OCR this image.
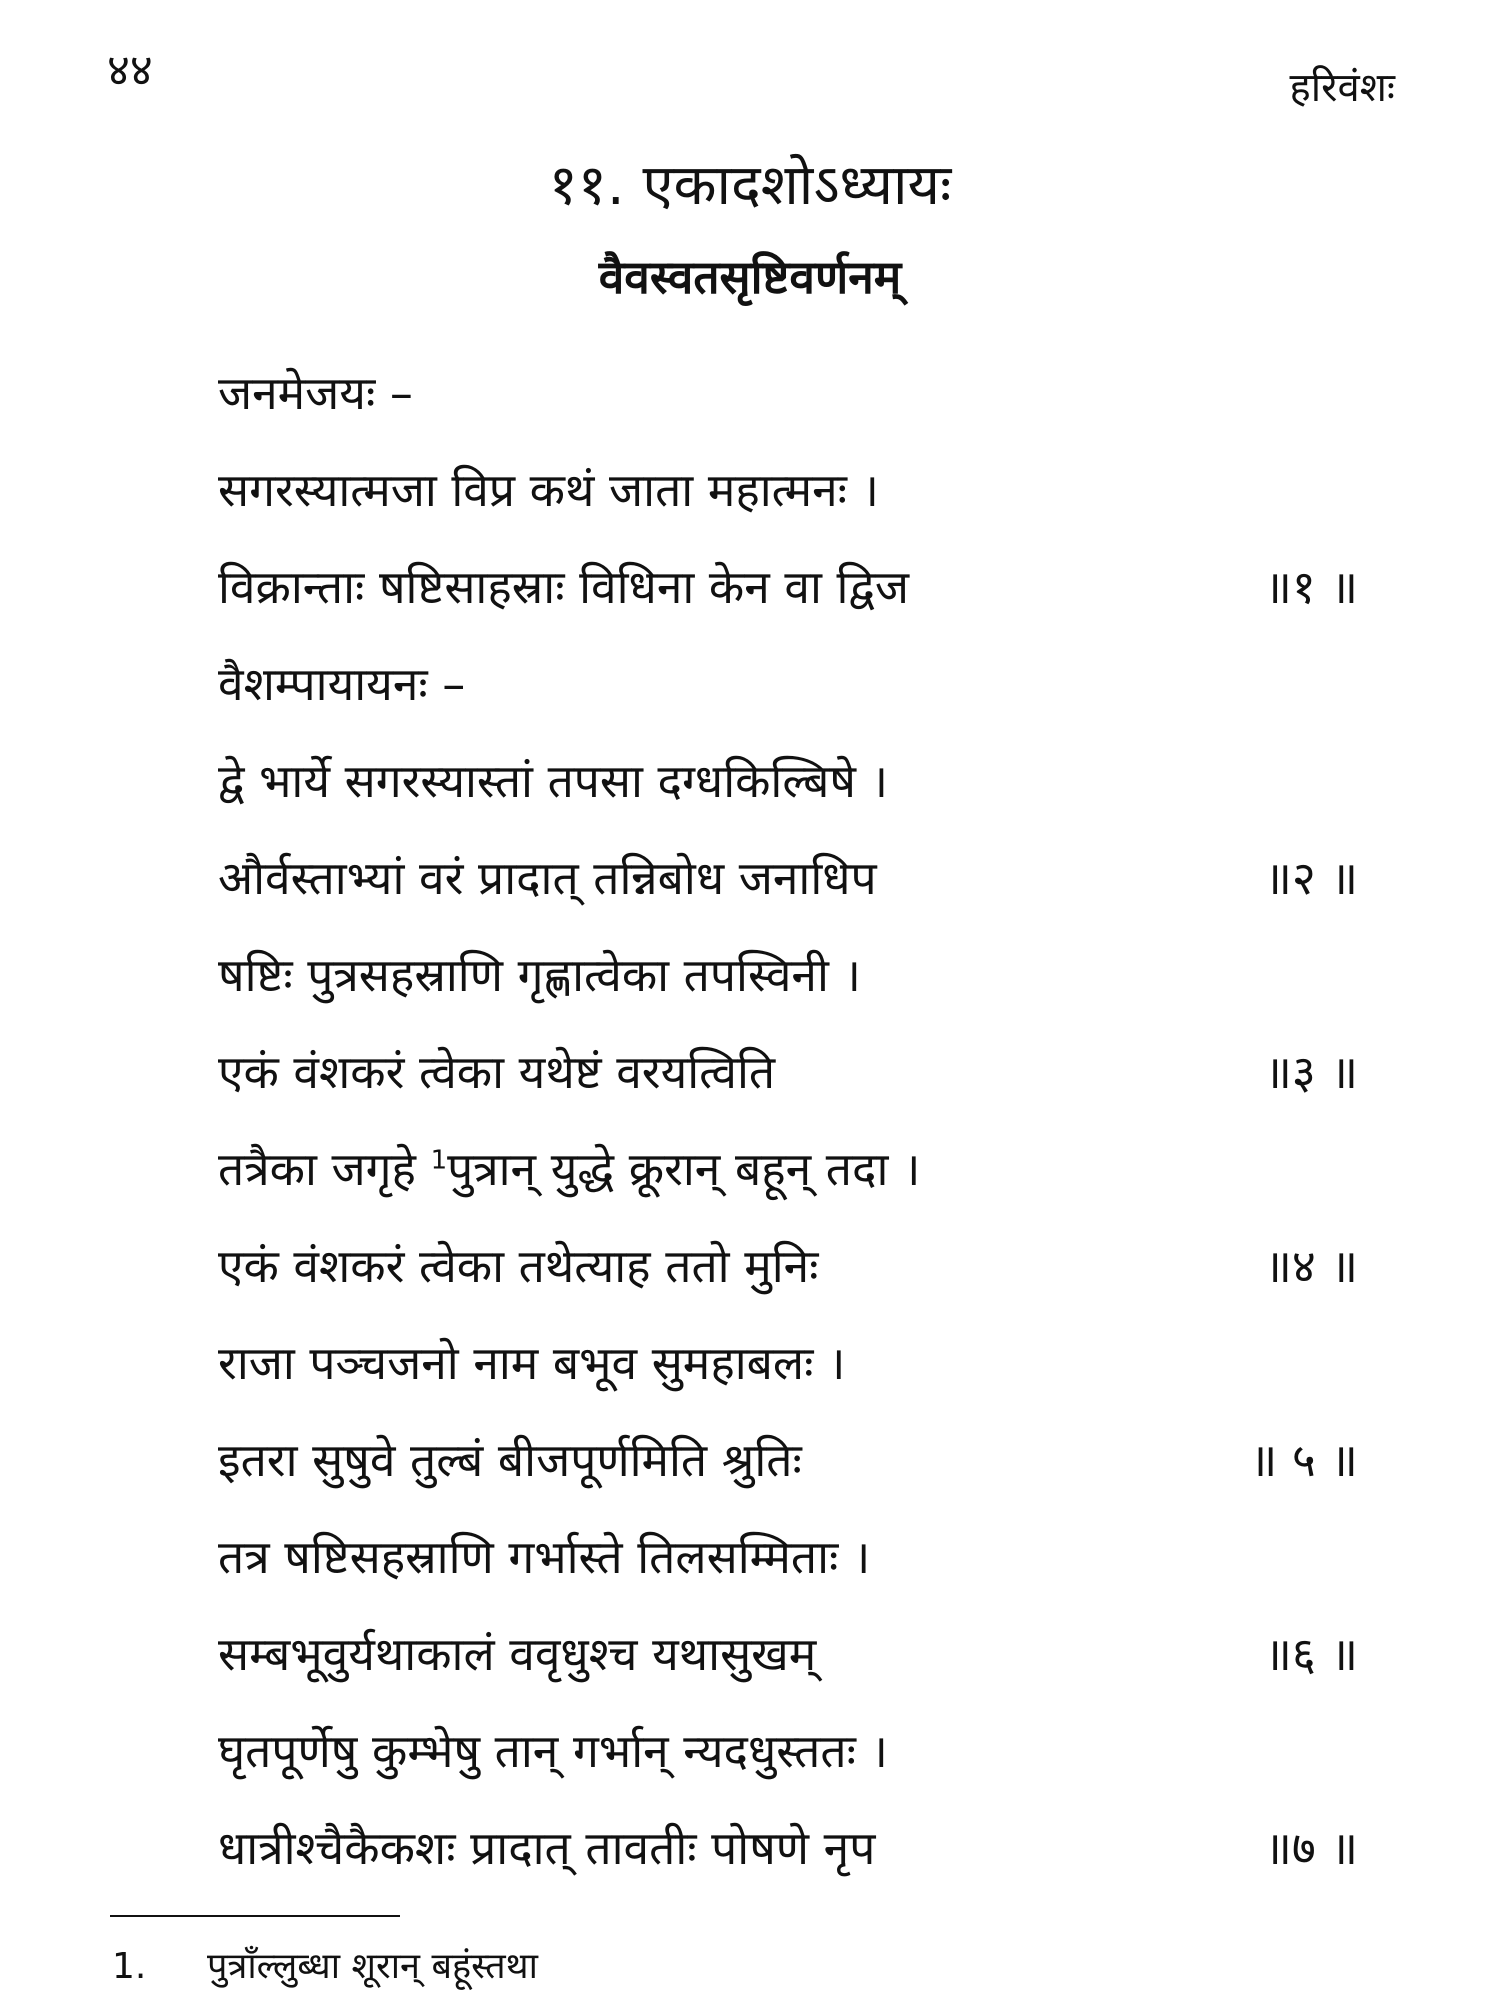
४४	हरिवंशः
११. एकादशोऽध्यायः
वैवस्वतसृष्टिवर्णनम्
जनमेजयः –
सगरस्यात्मजा विप्र कथं जाता महात्मनः ।
विक्रान्ताः षष्टिसाहस्राः विधिना केन वा द्विज	॥१ ॥
वैशम्पायायनः –
द्वे भार्ये सगरस्यास्तां तपसा दग्धकिल्बिषे ।
और्वस्ताभ्यां वरं प्रादात् तन्निबोध जनाधिप	॥२ ॥
षष्टिः पुत्रसहस्राणि गृह्णात्वेका तपस्विनी ।
एकं वंशकरं त्वेका यथेष्टं वरयत्विति	॥३ ॥
तत्रैका जगृहे $^1$पुत्रान् युद्धे क्रूरान् बहून् तदा ।
एकं वंशकरं त्वेका तथेत्याह ततो मुनिः	॥४ ॥
राजा पञ्चजनो नाम बभूव सुमहाबलः ।
इतरा सुषुवे तुल्बं बीजपूर्णमिति श्रुतिः	॥ ५ ॥
तत्र षष्टिसहस्राणि गर्भास्ते तिलसम्मिताः ।
सम्बभूवुर्यथाकालं ववृधुश्च यथासुखम्	॥६ ॥
घृतपूर्णेषु कुम्भेषु तान् गर्भान् न्यदधुस्ततः ।
धात्रीश्चैकैकशः प्रादात् तावतीः पोषणे नृप	॥७ ॥
1. पुत्राँल्लुब्धा शूरान् बहूंस्तथा
